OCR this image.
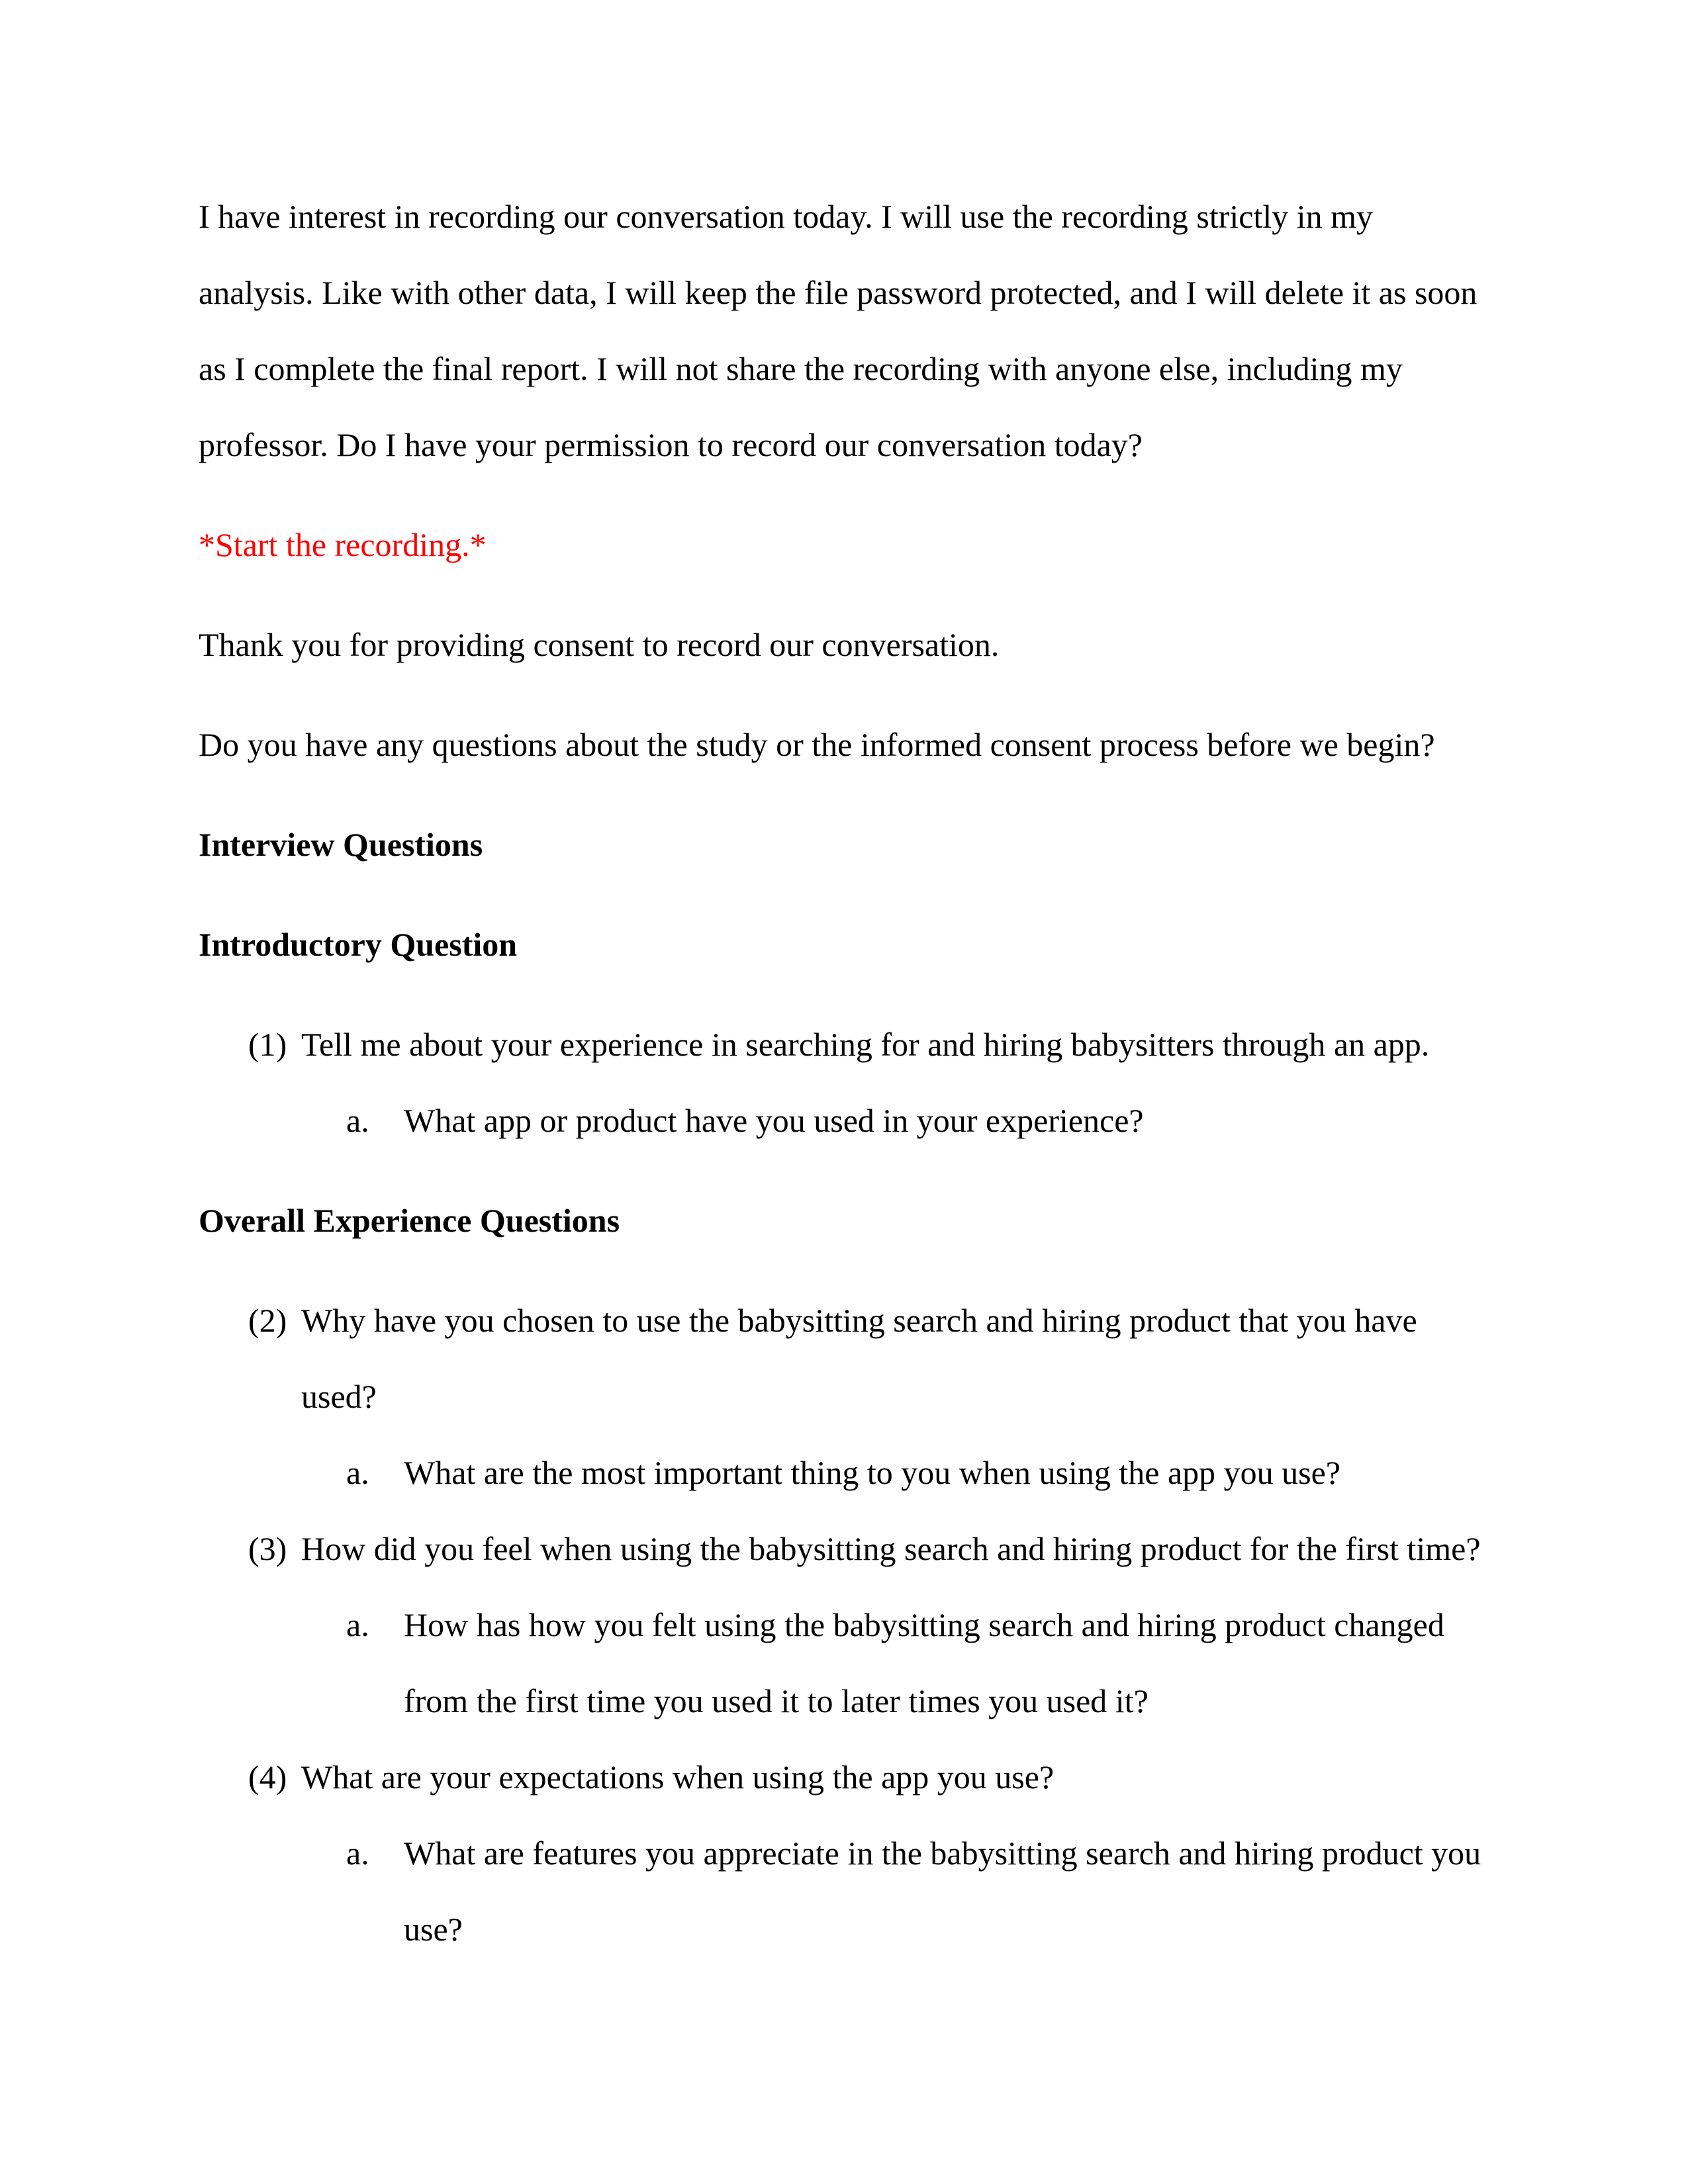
I have interest in recording our conversation today. I will use the recording strictly in my
analysis. Like with other data, I will keep the file password protected, and I will delete it as soon
as I complete the final report. I will not share the recording with anyone else, including my
professor. Do I have your permission to record our conversation today?
*Start the recording.*
Thank you for providing consent to record our conversation.
Do you have any questions about the study or the informed consent process before we begin?
Interview Questions
Introductory Question
(1) Tell me about your experience in searching for and hiring babysitters through an app.
a. What app or product have you used in your experience?
Overall Experience Questions
(2) Why have you chosen to use the babysitting search and hiring product that you have
used?
a. What are the most important thing to you when using the app you use?
(3) How did you feel when using the babysitting search and hiring product for the first time?
a. How has how you felt using the babysitting search and hiring product changed
from the first time you used it to later times you used it?
(4) What are your expectations when using the app you use?
a. What are features you appreciate in the babysitting search and hiring product you
use?
